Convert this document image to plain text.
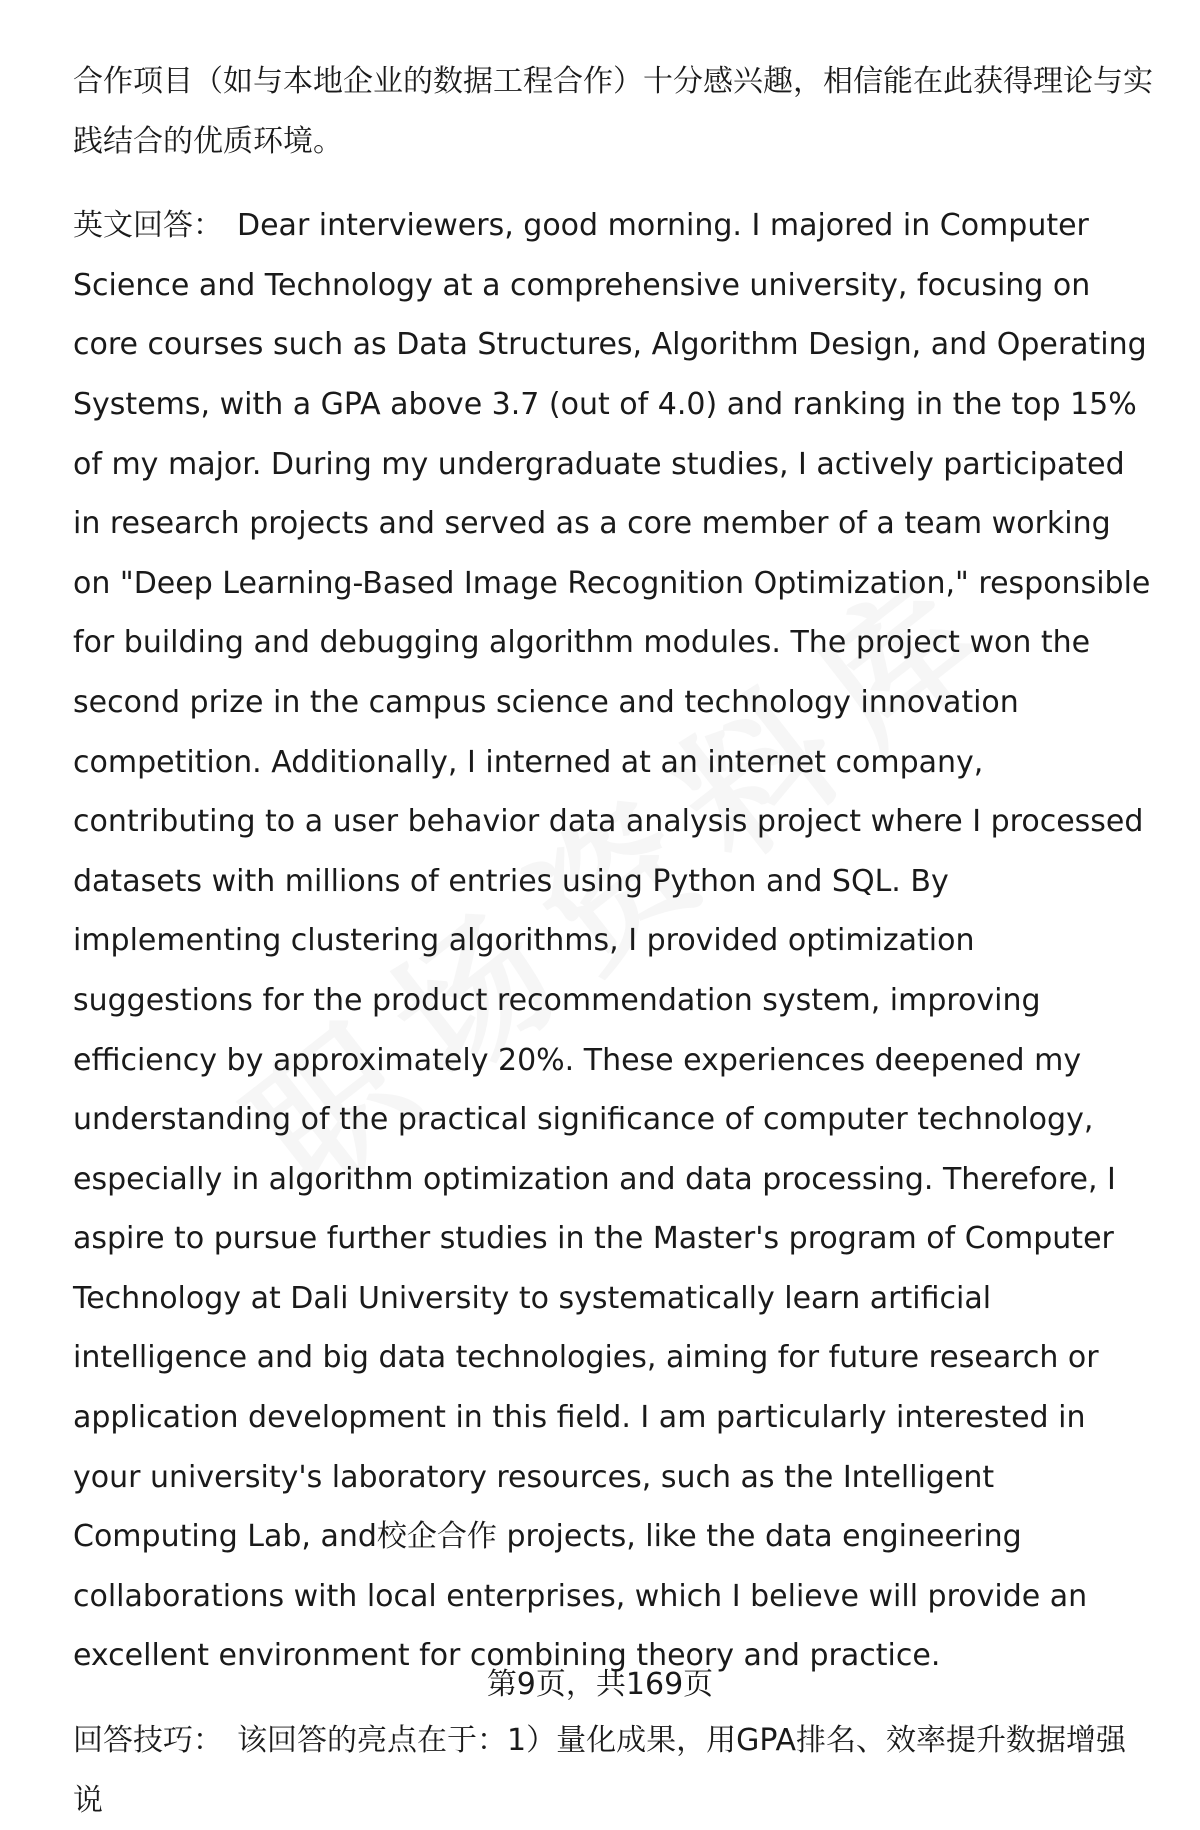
合作项目（如与本地企业的数据工程合作）十分感兴趣，相信能在此获得理论与实践结合的优质环境。

英文回答： Dear interviewers, good morning. I majored in Computer Science and Technology at a comprehensive university, focusing on core courses such as Data Structures, Algorithm Design, and Operating Systems, with a GPA above 3.7 (out of 4.0) and ranking in the top 15% of my major. During my undergraduate studies, I actively participated in research projects and served as a core member of a team working on "Deep Learning-Based Image Recognition Optimization," responsible for building and debugging algorithm modules. The project won the second prize in the campus science and technology innovation competition. Additionally, I interned at an internet company, contributing to a user behavior data analysis project where I processed datasets with millions of entries using Python and SQL. By implementing clustering algorithms, I provided optimization suggestions for the product recommendation system, improving efficiency by approximately 20%. These experiences deepened my understanding of the practical significance of computer technology, especially in algorithm optimization and data processing. Therefore, I aspire to pursue further studies in the Master's program of Computer Technology at Dali University to systematically learn artificial intelligence and big data technologies, aiming for future research or application development in this field. I am particularly interested in your university's laboratory resources, such as the Intelligent Computing Lab, and校企合作 projects, like the data engineering collaborations with local enterprises, which I believe will provide an excellent environment for combining theory and practice.

回答技巧： 该回答的亮点在于：1）量化成果，用GPA排名、效率提升数据增强说

第9页，共169页
